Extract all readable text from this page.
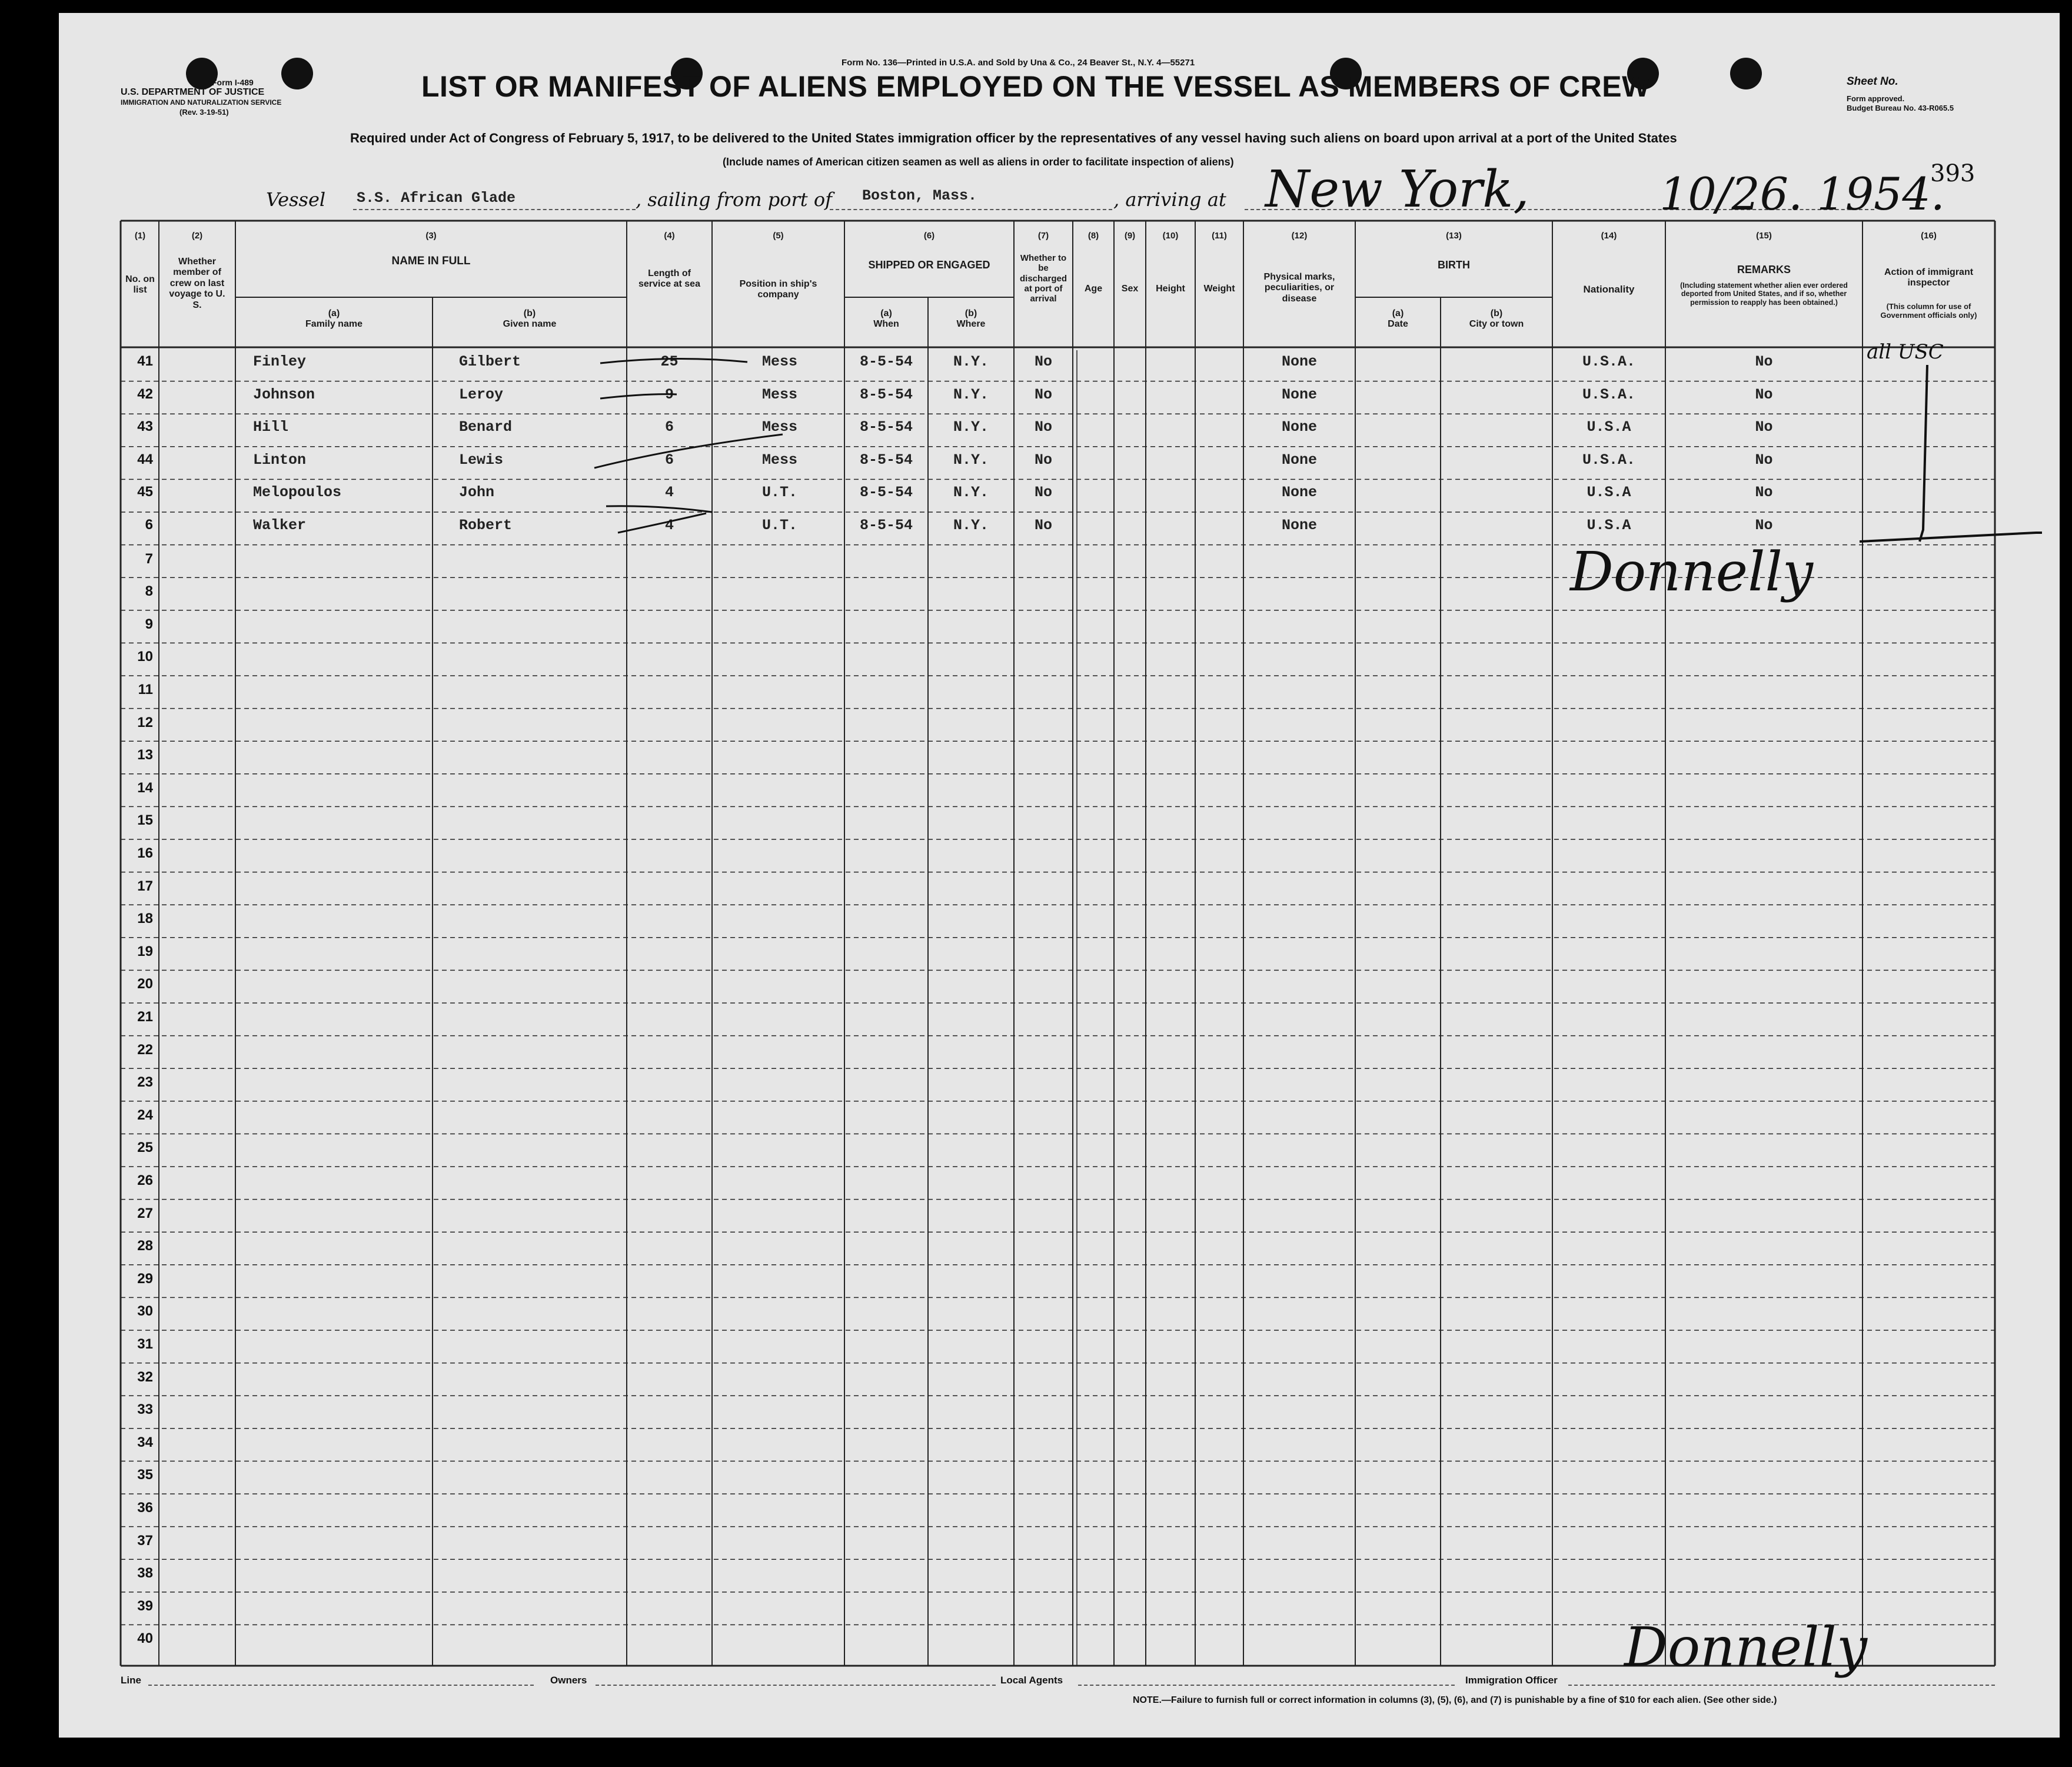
Form No. 136—Printed in U.S.A. and Sold by Una & Co., 24 Beaver St., N.Y. 4—55271
Form I-489
U.S. DEPARTMENT OF JUSTICE
IMMIGRATION AND NATURALIZATION SERVICE
(Rev. 3-19-51)
LIST OR MANIFEST OF ALIENS EMPLOYED ON THE VESSEL AS MEMBERS OF CREW	Sheet No.
Form approved.
Budget Bureau No. 43-R065.5
Required under Act of Congress of February 5, 1917, to be delivered to the United States immigration officer by the representatives of any vessel having such aliens on board upon arrival at a port of the United States
(Include names of American citizen seamen as well as aliens in order to facilitate inspection of aliens)	393
Vessel S.S. African Glade	, sailing from port of Boston, Mass.	, arriving at New York,	10/26. 1954.
(1)
No. on list
(2)
Whether member of crew on last voyage to U. S.
(3)
NAME IN FULL
(a)
Family name
(b)
Given name
(4)
Length of service at sea
(5)
Position in ship's company
(6)
SHIPPED OR ENGAGED
(a)
When
(b)
Where
(7)
Whether to be discharged at port of arrival
(8)
Age
(9)
Sex
(10)
Height
(11)
Weight
(12)
Physical marks, peculiarities, or disease
(13)
BIRTH
(a)
Date
(b)
City or town
(14)
Nationality
(15)
REMARKS
(Including statement whether alien ever ordered deported from United States, and if so, whether permission to reapply has been obtained.)
(16)
Action of immigrant inspector
(This column for use of Government officials only)
41	Finley	Gilbert	25	Mess	8-5-54	N.Y.	No	None	U.S.A.	No
42	Johnson	Leroy	9	Mess	8-5-54	N.Y.	No	None	U.S.A.	No
43	Hill	Benard	6	Mess	8-5-54	N.Y.	No	None	U.S.A	No
44	Linton	Lewis	6	Mess	8-5-54	N.Y.	No	None	U.S.A.	No
45	Melopoulos	John	4	U.T.	8-5-54	N.Y.	No	None	U.S.A	No
6	Walker	Robert	4	U.T.	8-5-54	N.Y.	No	None	U.S.A	No
7
8
9
10
11
12
13
14
15
16
17
18
19
20
21
22
23
24
25
26
27
28
29
30
31
32
33
34
35
36
37
38
39
40
all USC
Donnelly
Donnelly
Line	Owners	Local Agents	Immigration Officer
NOTE.—Failure to furnish full or correct information in columns (3), (5), (6), and (7) is punishable by a fine of $10 for each alien. (See other side.)
